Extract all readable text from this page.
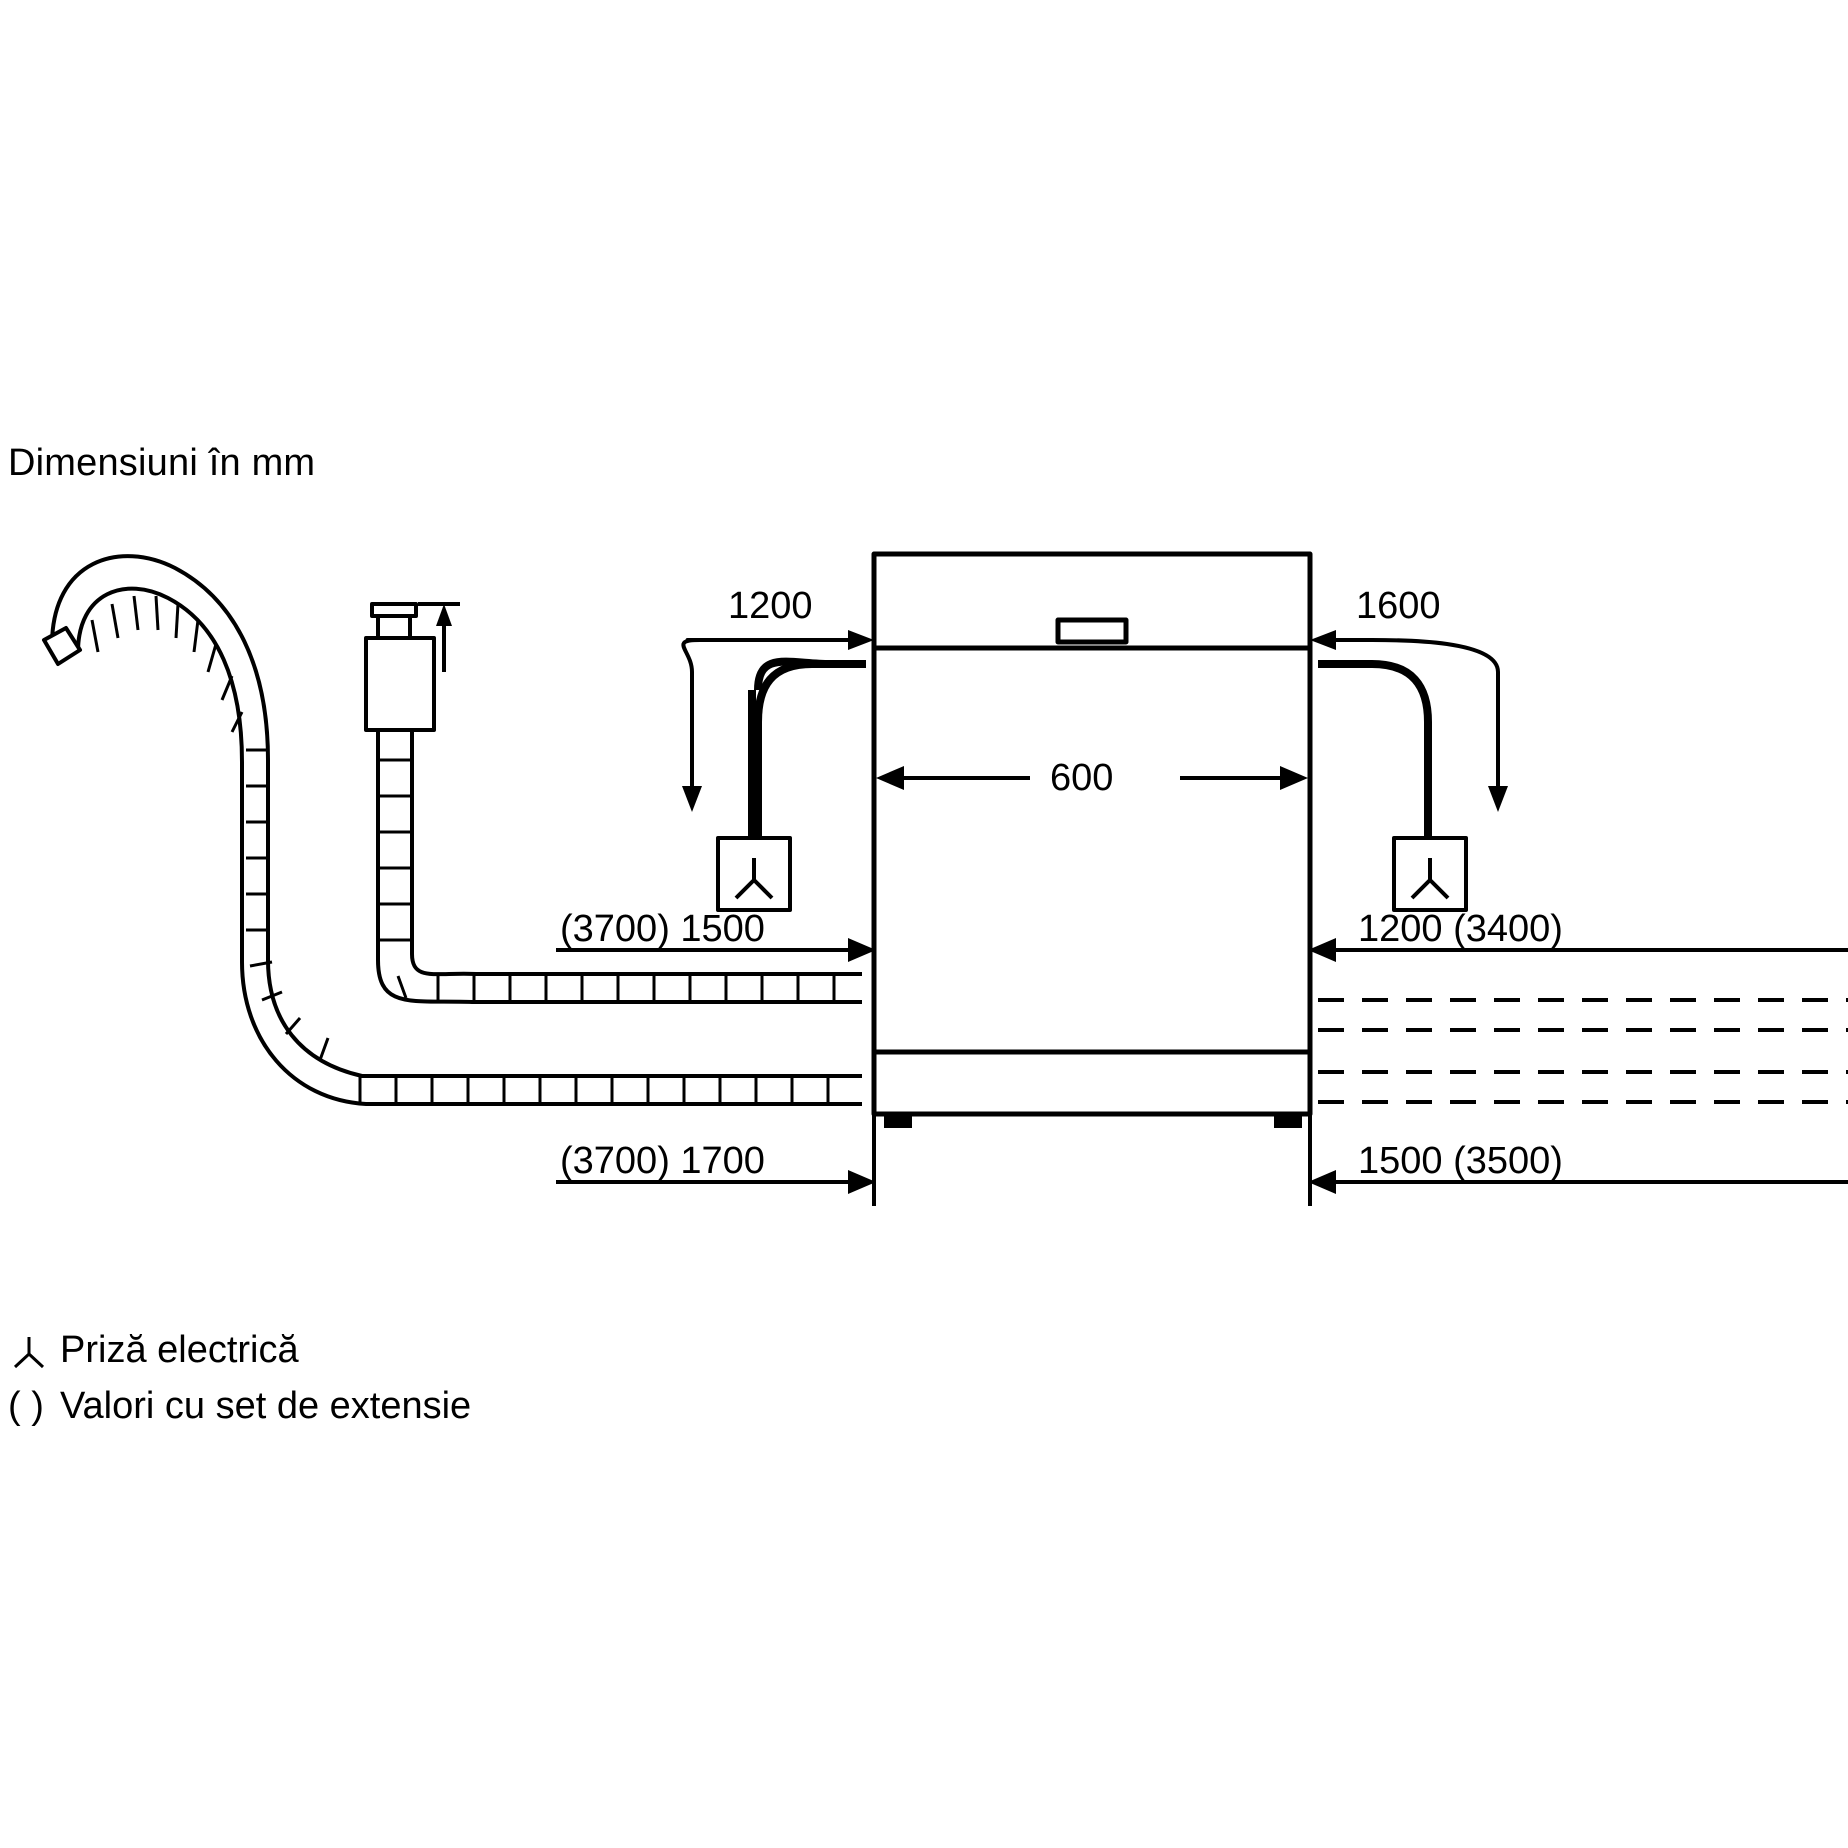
Dimensiuni în mm
1200	1600
600
(3700) 1500	1200 (3400)
(3700) 1700	1500 (3500)
Priză electrică
( ) Valori cu set de extensie
